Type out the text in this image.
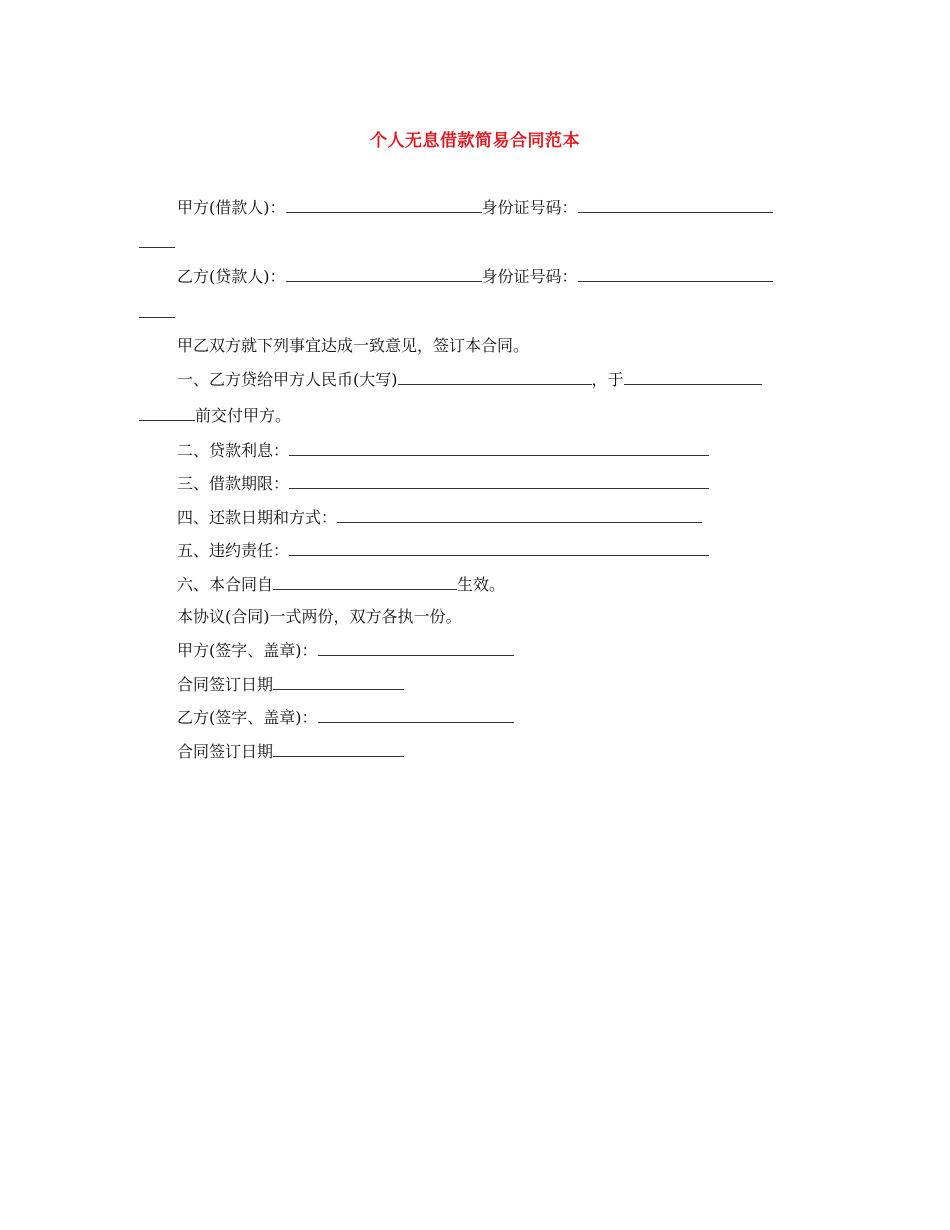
个人无息借款简易合同范本
甲方(借款人)：	身份证号码：
乙方(贷款人)：	身份证号码：
甲乙双方就下列事宜达成一致意见，签订本合同。
一、乙方贷给甲方人民币(大写)	，于
前交付甲方。
二、贷款利息：
三、借款期限：
四、还款日期和方式：
五、违约责任：
六、本合同自	生效。
本协议(合同)一式两份，双方各执一份。
甲方(签字、盖章)：
合同签订日期
乙方(签字、盖章)：
合同签订日期
